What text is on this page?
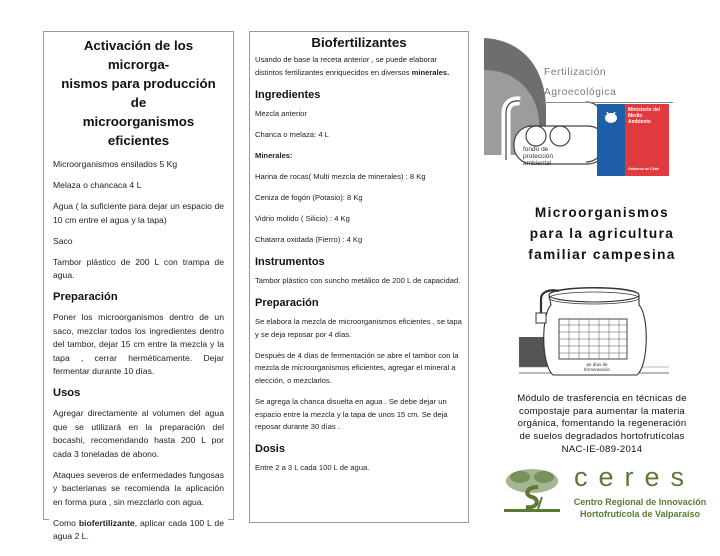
Activación de los microrga-
nismos para producción de
microorganismos eficientes

Microorganismos ensilados 5 Kg

Melaza o chancaca 4 L

Agua ( la suficiente para dejar un espacio de 10 cm entre el agua y la tapa)

Saco

Tambor plástico de 200 L con trampa de agua.

Preparación

Poner los microorganismos dentro de un saco, mezclar todos los ingredientes dentro del tambor, dejar 15 cm entre la mezcla y la tapa , cerrar herméticamente. Dejar fermentar durante 10 días.

Usos

Agregar directamente al volumen del agua que se utilizará en la preparación del bocashi, recomendando hasta 200 L por cada 3 toneladas de abono.

Ataques severos de enfermedades fungosas y bacterianas se recomienda la aplicación en forma pura , sin mezclarlo con agua.

Como biofertilizante, aplicar cada 100 L de agua 2 L.

Biofertilizantes

Usando de base la receta anterior , se puede elaborar distintos fertilizantes enriquecidos en diversos minerales.

Ingredientes

Mezcla anterior

Chanca o melaza: 4 L

Minerales:

Harina de rocas( Multi mezcla de minerales) : 8 Kg

Ceniza de fogón (Potasio): 8 Kg

Vidrio molido ( Silicio) : 4 Kg

Chatarra oxidada (Fierro) : 4 Kg

Instrumentos

Tambor plástico con suncho metálico de 200 L de capacidad.

Preparación

Se elabora la mezcla de microorganismos eficientes , se tapa y se deja reposar por 4 días.

Después de 4 días de fermentación se abre el tambor con la mezcla de microorganismos eficientes, agregar el mineral a elección, o mezclarlos.

Se agrega la chanca disuelta en agua . Se debe dejar un espacio entre la mezcla y la tapa de unos 15 cm. Se deja reposar durante 30 días .

Dosis

Entre 2 a 3 L cada 100 L de agua.

fondo de
protección
ambiental
Fertilización
Agroecológica
Ministerio del
Medio
Ambiente
Gobierno de Chile
Microorganismos
para la agricultura
familiar campesina
pe días de
fermentación
Módulo de trasferencia en técnicas de
compostaje para aumentar la materia
orgánica, fomentando la regeneración
de suelos degradados hortofrutícolas
NAC-IE-089-2014
ceres
Centro Regional de Innovación
Hortofrutícola de Valparaíso
